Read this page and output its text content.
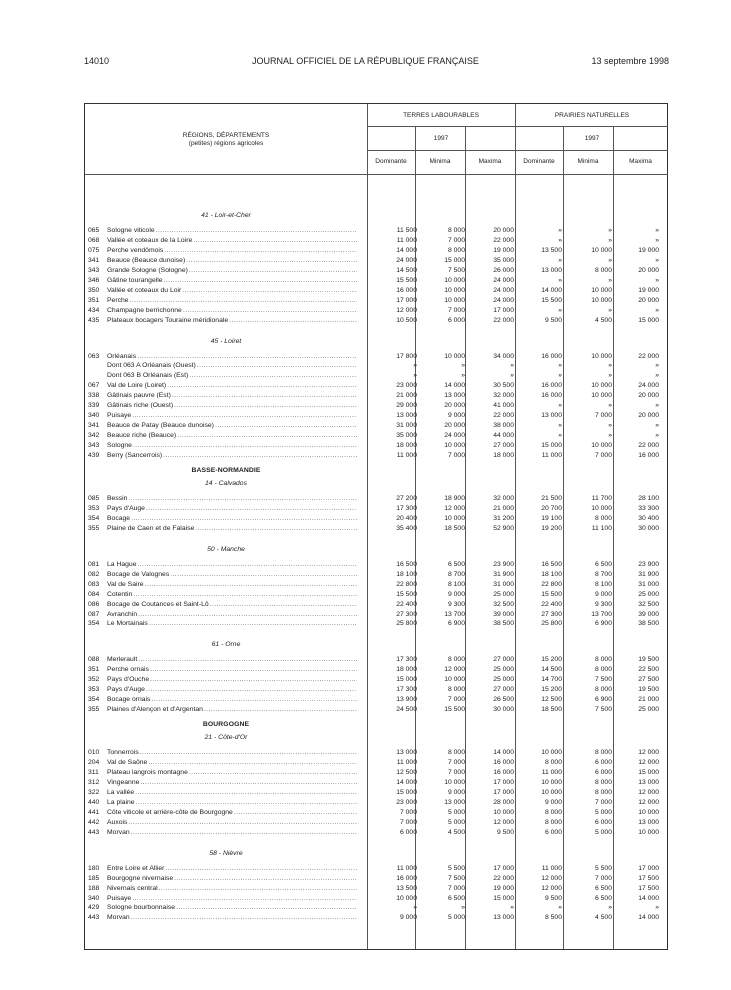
14010	JOURNAL OFFICIEL DE LA RÉPUBLIQUE FRANÇAISE	13 septembre 1998
RÉGIONS, DÉPARTEMENTS
(petites) régions agricoles
TERRES LABOURABLES	PRAIRIES NATURELLES
1997	1997
Dominante	Minima	Maxima	Dominante	Minima	Maxima
41 - Loir-et-Cher
065	Sologne viticole .....	11 500	8 000	20 000	»	»	»
068	Vallée et coteaux de la Loire .....	11 000	7 000	22 000	»	»	»
075	Perche vendômois .....	14 000	8 000	19 000	13 500	10 000	19 000
341	Beauce (Beauce dunoise) .....	24 000	15 000	35 000	»	»	»
343	Grande Sologne (Sologne) .....	14 500	7 500	26 000	13 000	8 000	20 000
346	Gâtine tourangelle .....	15 500	10 000	24 000	»	»	»
350	Vallée et coteaux du Loir .....	16 000	10 000	24 000	14 000	10 000	19 000
351	Perche .....	17 000	10 000	24 000	15 500	10 000	20 000
434	Champagne berrichonne .....	12 000	7 000	17 000	»	»	»
435	Plateaux bocagers Touraine méridionale .....	10 500	6 000	22 000	9 500	4 500	15 000
45 - Loiret
063	Orléanais .....	17 800	10 000	34 000	16 000	10 000	22 000
Dont 063 A Orléanais (Ouest) .....	»	»	»	»	»	»
Dont 063 B Orléanais (Est) .....	»	»	»	»	»	»
067	Val de Loire (Loiret) .....	23 000	14 000	30 500	16 000	10 000	24 000
338	Gâtinais pauvre (Est) .....	21 000	13 000	32 000	16 000	10 000	20 000
339	Gâtinais riche (Ouest) .....	29 000	20 000	41 000	»	»	»
340	Puisaye .....	13 000	9 000	22 000	13 000	7 000	20 000
341	Beauce de Patay (Beauce dunoise) .....	31 000	20 000	38 000	»	»	»
342	Beauce riche (Beauce) .....	35 000	24 000	44 000	»	»	»
343	Sologne .....	18 000	10 000	27 000	15 000	10 000	22 000
439	Berry (Sancerrois) .....	11 000	7 000	18 000	11 000	7 000	16 000
BASSE-NORMANDIE
14 - Calvados
085	Bessin .....	27 200	18 900	32 000	21 500	11 700	28 100
353	Pays d'Auge .....	17 300	12 000	21 000	20 700	10 000	33 300
354	Bocage .....	20 400	10 000	31 200	19 100	8 000	30 400
355	Plaine de Caen et de Falaise .....	35 400	18 500	52 900	19 200	11 100	30 000
50 - Manche
081	La Hague .....	16 500	6 500	23 900	16 500	6 500	23 900
082	Bocage de Valognes .....	18 100	8 700	31 900	18 100	8 700	31 900
083	Val de Saire .....	22 800	8 100	31 000	22 800	8 100	31 000
084	Cotentin .....	15 500	9 000	25 000	15 500	9 000	25 000
086	Bocage de Coutances et Saint-Lô .....	22 400	9 300	32 500	22 400	9 300	32 500
087	Avranchin .....	27 300	13 700	39 000	27 300	13 700	39 000
354	Le Mortainais .....	25 800	6 900	38 500	25 800	6 900	38 500
61 - Orne
088	Merlerault .....	17 300	8 000	27 000	15 200	8 000	19 500
351	Perche ornais .....	18 000	12 000	25 000	14 500	8 000	22 500
352	Pays d'Ouche .....	15 000	10 000	25 000	14 700	7 500	27 500
353	Pays d'Auge .....	17 300	8 000	27 000	15 200	8 000	19 500
354	Bocage ornais .....	13 900	7 000	26 500	12 500	6 900	21 000
355	Plaines d'Alençon et d'Argentan .....	24 500	15 500	30 000	18 500	7 500	25 000
BOURGOGNE
21 - Côte-d'Or
010	Tonnerrois .....	13 000	8 000	14 000	10 000	8 000	12 000
204	Val de Saône .....	11 000	7 000	16 000	8 000	6 000	12 000
311	Plateau langrois montagne .....	12 500	7 000	16 000	11 000	6 000	15 000
312	Vingeanne .....	14 000	10 000	17 000	10 000	8 000	13 000
322	La vallée .....	15 000	9 000	17 000	10 000	8 000	12 000
440	La plaine .....	23 000	13 000	28 000	9 000	7 000	12 000
441	Côte viticole et arrière-côte de Bourgogne .....	7 000	5 000	10 000	8 000	5 000	10 000
442	Auxois .....	7 000	5 000	12 000	8 000	6 000	13 000
443	Morvan .....	6 000	4 500	9 500	6 000	5 000	10 000
58 - Nièvre
180	Entre Loire et Allier .....	11 000	5 500	17 000	11 000	5 500	17 000
185	Bourgogne nivernaise .....	16 000	7 500	22 000	12 000	7 000	17 500
188	Nivernais central .....	13 500	7 000	19 000	12 000	6 500	17 500
340	Puisaye .....	10 000	6 500	15 000	9 500	6 500	14 000
429	Sologne bourbonnaise .....	»	»	»	»	»	»
443	Morvan .....	9 000	5 000	13 000	8 500	4 500	14 000
